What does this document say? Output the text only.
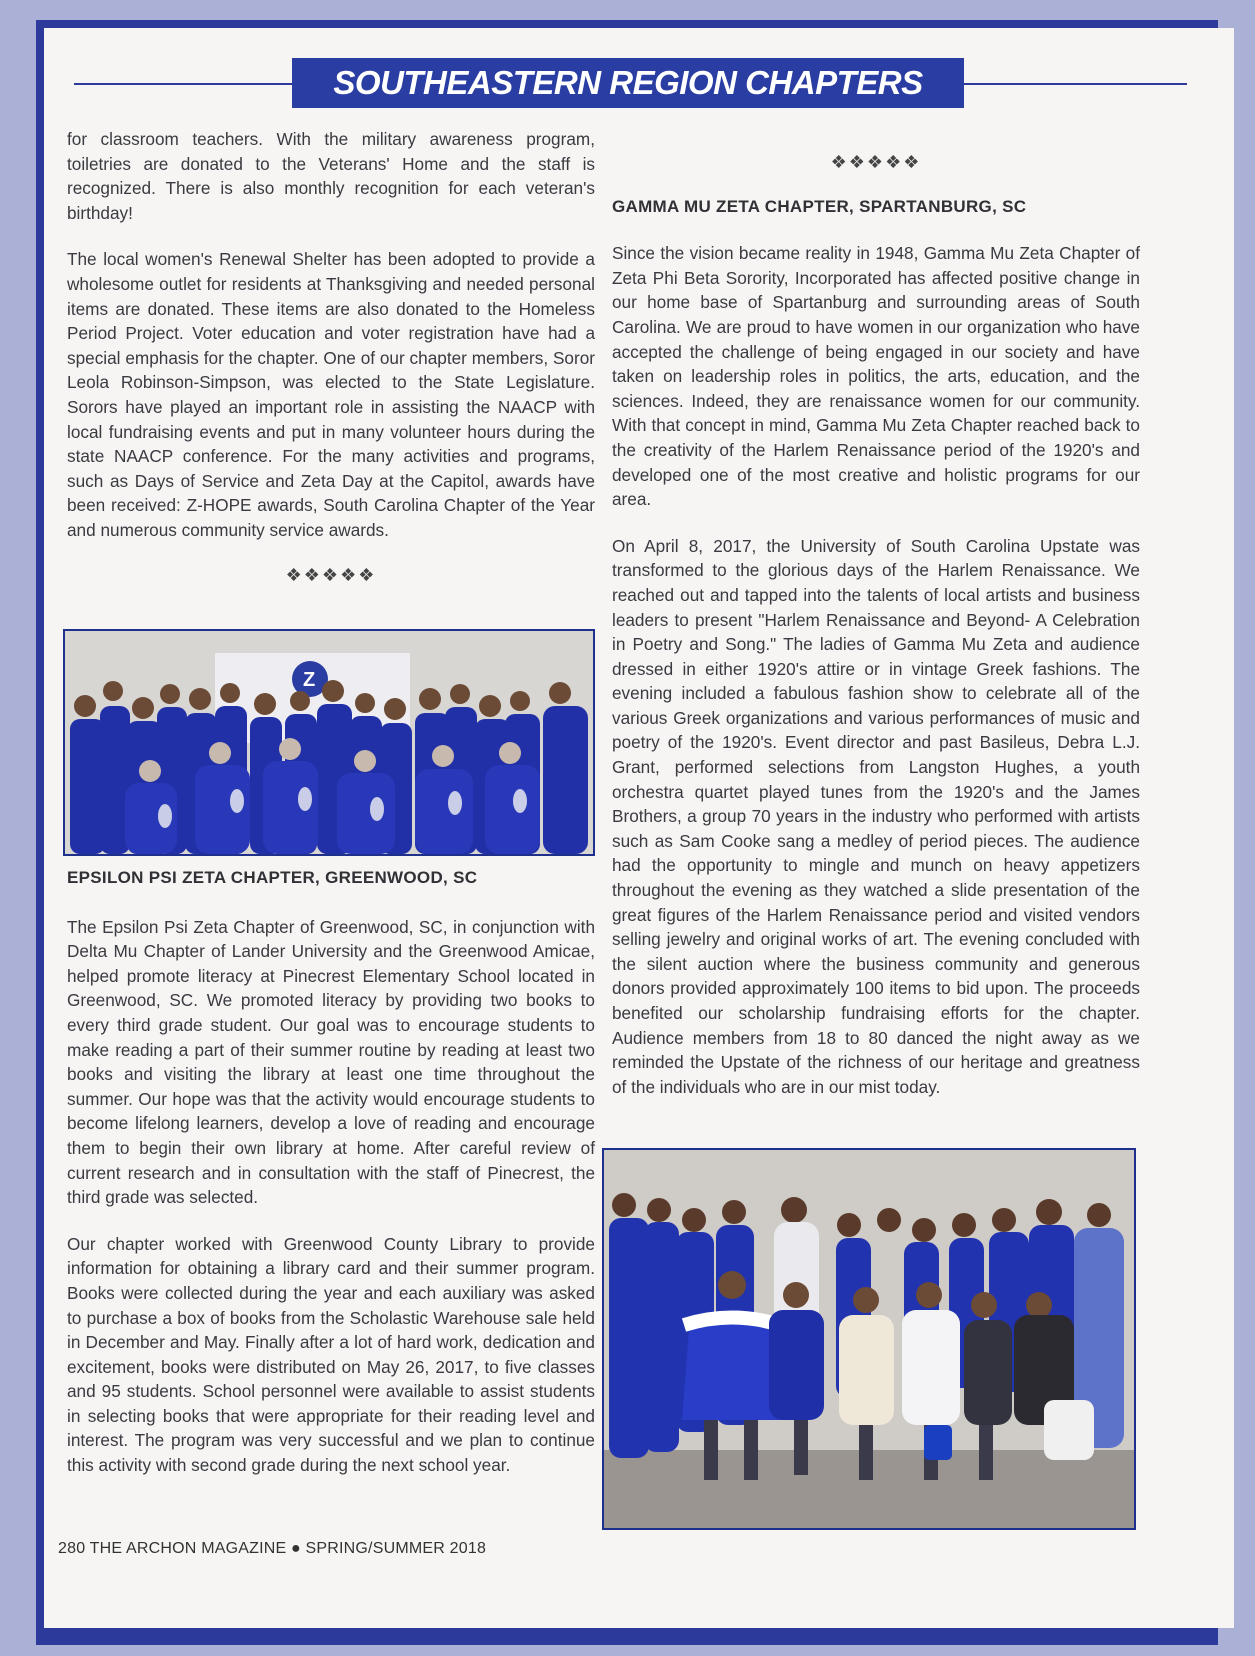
SOUTHEASTERN REGION CHAPTERS

for classroom teachers. With the military awareness program, toiletries are donated to the Veterans' Home and the staff is recognized. There is also monthly recognition for each veteran's birthday!

The local women's Renewal Shelter has been adopted to provide a wholesome outlet for residents at Thanksgiving and needed personal items are donated. These items are also donated to the Homeless Period Project. Voter education and voter registration have had a special emphasis for the chapter. One of our chapter members, Soror Leola Robinson-Simpson, was elected to the State Legislature. Sorors have played an important role in assisting the NAACP with local fundraising events and put in many volunteer hours during the state NAACP conference. For the many activities and programs, such as Days of Service and Zeta Day at the Capitol, awards have been received: Z-HOPE awards, South Carolina Chapter of the Year and numerous community service awards.

❖❖❖❖❖
Z
EPSILON PSI ZETA CHAPTER, GREENWOOD, SC

The Epsilon Psi Zeta Chapter of Greenwood, SC, in conjunction with Delta Mu Chapter of Lander University and the Greenwood Amicae, helped promote literacy at Pinecrest Elementary School located in Greenwood, SC. We promoted literacy by providing two books to every third grade student. Our goal was to encourage students to make reading a part of their summer routine by reading at least two books and visiting the library at least one time throughout the summer. Our hope was that the activity would encourage students to become lifelong learners, develop a love of reading and encourage them to begin their own library at home. After careful review of current research and in consultation with the staff of Pinecrest, the third grade was selected.

Our chapter worked with Greenwood County Library to provide information for obtaining a library card and their summer program. Books were collected during the year and each auxiliary was asked to purchase a box of books from the Scholastic Warehouse sale held in December and May. Finally after a lot of hard work, dedication and excitement, books were distributed on May 26, 2017, to five classes and 95 students. School personnel were available to assist students in selecting books that were appropriate for their reading level and interest. The program was very successful and we plan to continue this activity with second grade during the next school year.

❖❖❖❖❖
GAMMA MU ZETA CHAPTER, SPARTANBURG, SC

Since the vision became reality in 1948, Gamma Mu Zeta Chapter of Zeta Phi Beta Sorority, Incorporated has affected positive change in our home base of Spartanburg and surrounding areas of South Carolina. We are proud to have women in our organization who have accepted the challenge of being engaged in our society and have taken on leadership roles in politics, the arts, education, and the sciences. Indeed, they are renaissance women for our community. With that concept in mind, Gamma Mu Zeta Chapter reached back to the creativity of the Harlem Renaissance period of the 1920's and developed one of the most creative and holistic programs for our area.

On April 8, 2017, the University of South Carolina Upstate was transformed to the glorious days of the Harlem Renaissance. We reached out and tapped into the talents of local artists and business leaders to present "Harlem Renaissance and Beyond- A Celebration in Poetry and Song." The ladies of Gamma Mu Zeta and audience dressed in either 1920's attire or in vintage Greek fashions. The evening included a fabulous fashion show to celebrate all of the various Greek organizations and various performances of music and poetry of the 1920's. Event director and past Basileus, Debra L.J. Grant, performed selections from Langston Hughes, a youth orchestra quartet played tunes from the 1920's and the James Brothers, a group 70 years in the industry who performed with artists such as Sam Cooke sang a medley of period pieces. The audience had the opportunity to mingle and munch on heavy appetizers throughout the evening as they watched a slide presentation of the great figures of the Harlem Renaissance period and visited vendors selling jewelry and original works of art. The evening concluded with the silent auction where the business community and generous donors provided approximately 100 items to bid upon. The proceeds benefited our scholarship fundraising efforts for the chapter. Audience members from 18 to 80 danced the night away as we reminded the Upstate of the richness of our heritage and greatness of the individuals who are in our mist today.

280 THE ARCHON MAGAZINE ● SPRING/SUMMER 2018
